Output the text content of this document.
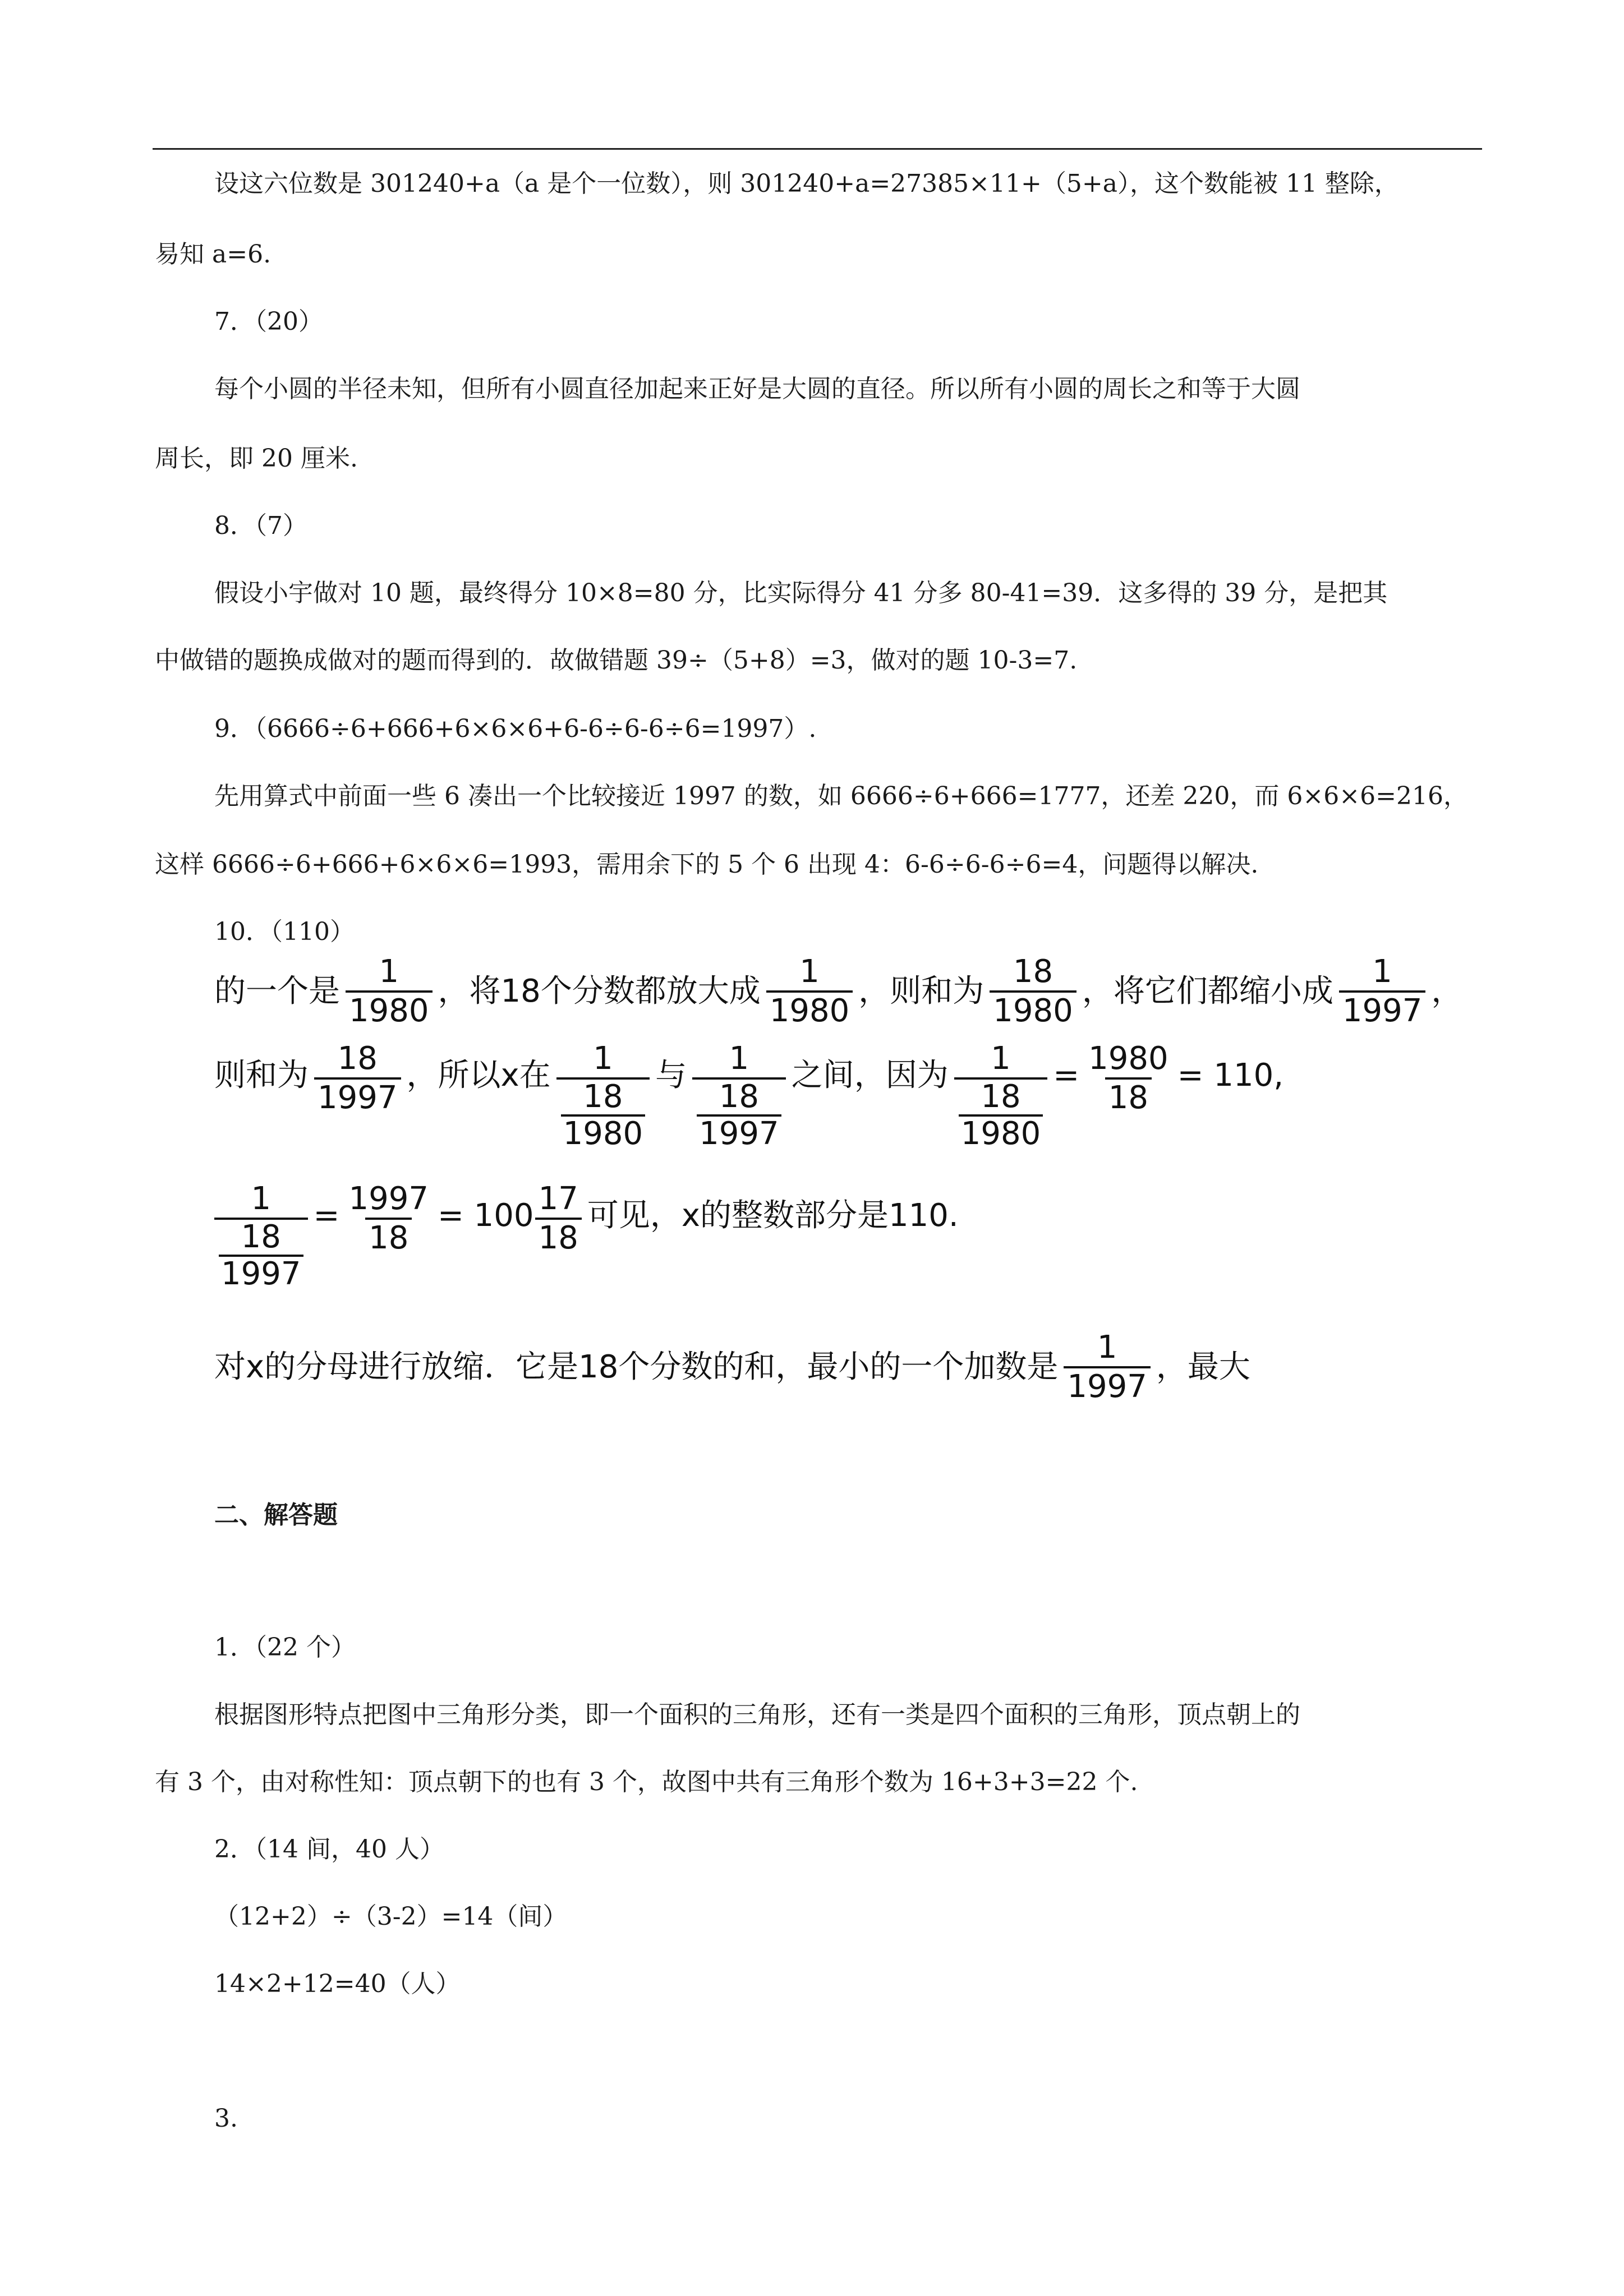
设这六位数是 301240+a（a 是个一位数），则 301240+a=27385×11+（5+a），这个数能被 11 整除，
易知 a=6.
7．（20）
每个小圆的半径未知，但所有小圆直径加起来正好是大圆的直径。所以所有小圆的周长之和等于大圆
周长，即 20 厘米.
8．（7）
假设小宇做对 10 题，最终得分 10×8=80 分，比实际得分 41 分多 80-41=39．这多得的 39 分，是把其
中做错的题换成做对的题而得到的．故做错题 39÷（5+8）=3，做对的题 10-3=7.
9．（6666÷6+666+6×6×6+6-6÷6-6÷6=1997）.
先用算式中前面一些 6 凑出一个比较接近 1997 的数，如 6666÷6+666=1777，还差 220，而 6×6×6=216，
这样 6666÷6+666+6×6×6=1993，需用余下的 5 个 6 出现 4：6-6÷6-6÷6=4，问题得以解决.
10．（110）
的一个是 $\frac{1}{1980}$ ，将18个分数都放大成 $\frac{1}{1980}$ ，则和为 $\frac{18}{1980}$ ，将它们都缩小成 $\frac{1}{1997}$ ，
则和为 $\frac{18}{1997}$ ，所以x在 1
18
1980
与 1
18
1997
之间，因为 1
18
$1980 = \frac{1980}{18} = 110$,
1
18
$1997 = \frac{1997}{18} = 100 \frac{17}{18}$ 可见，x的整数部分是110.
对x的分母进行放缩．它是18个分数的和，最小的一个加数是 $\frac{1}{1997}$ ，最大
二、解答题
1．（22 个）
根据图形特点把图中三角形分类，即一个面积的三角形，还有一类是四个面积的三角形，顶点朝上的
有 3 个，由对称性知：顶点朝下的也有 3 个，故图中共有三角形个数为 16+3+3=22 个.
2．（14 间，40 人）
（12+2）÷（3-2）=14（间）
14×2+12=40（人）
3.
